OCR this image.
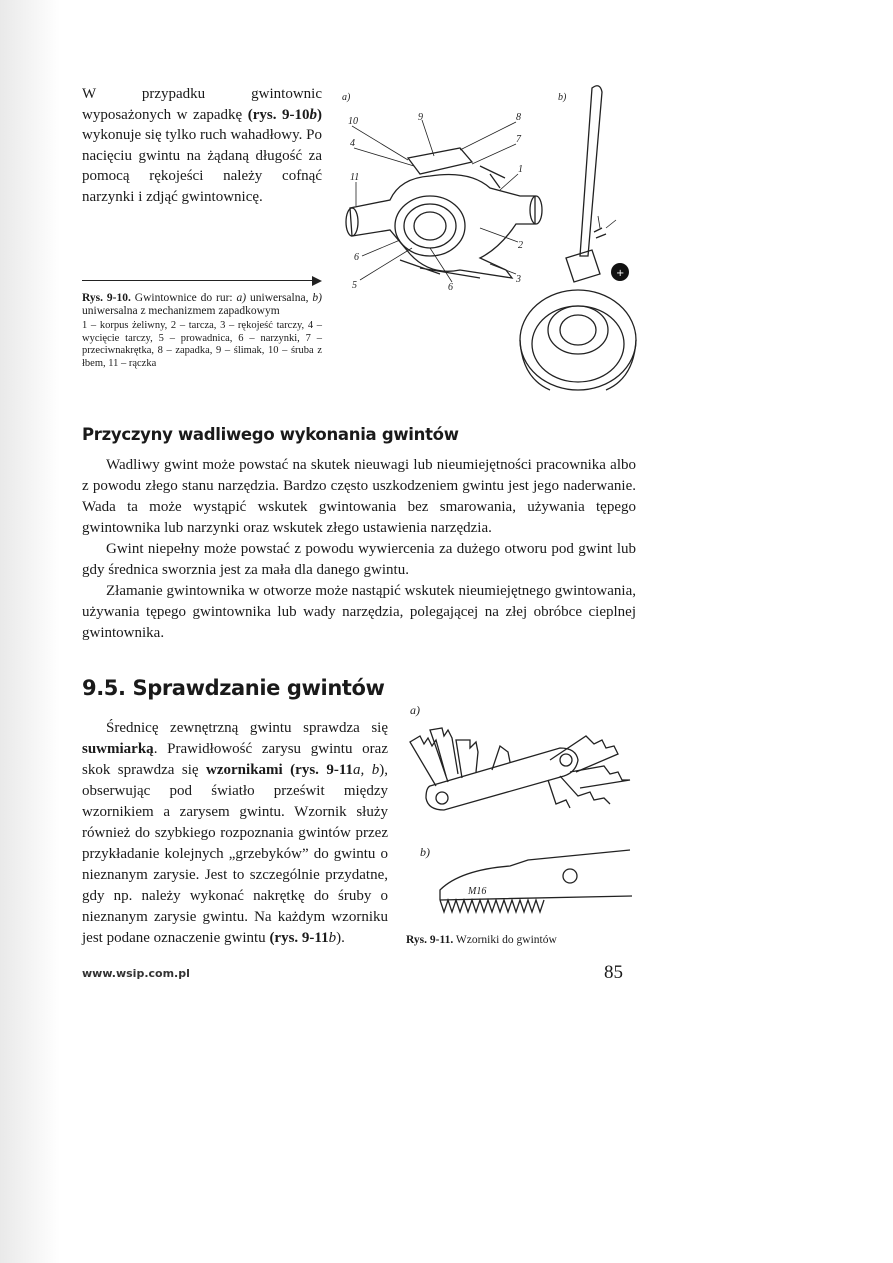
W przypadku gwintownic wyposażonych w zapadkę (rys. 9-10b) wykonuje się tylko ruch wahadłowy. Po nacięciu gwintu na żądaną długość za pomocą rękojeści należy cofnąć narzynki i zdjąć gwintownicę.
Rys. 9-10. Gwintownice do rur: a) uniwersalna, b) uniwersalna z mechanizmem zapadkowym
1 – korpus żeliwny, 2 – tarcza, 3 – rękojeść tarczy, 4 – wycięcie tarczy, 5 – prowadnica, 6 – narzynki, 7 – przeciwnakrętka, 8 – zapadka, 9 – ślimak, 10 – śruba z łbem, 11 – rączka
a)
10	9	8
4	7
1
11
2
6
5	6
3
b)
+
Przyczyny wadliwego wykonania gwintów

Wadliwy gwint może powstać na skutek nieuwagi lub nieumiejętności pracownika albo z powodu złego stanu narzędzia. Bardzo często uszkodzeniem gwintu jest jego naderwanie. Wada ta może wystąpić wskutek gwintowania bez smarowania, używania tępego gwintownika lub narzynki oraz wskutek złego ustawienia narzędzia.

Gwint niepełny może powstać z powodu wywiercenia za dużego otworu pod gwint lub gdy średnica sworznia jest za mała dla danego gwintu.

Złamanie gwintownika w otworze może nastąpić wskutek nieumiejętnego gwintowania, używania tępego gwintownika lub wady narzędzia, polegającej na złej obróbce cieplnej gwintownika.

9.5. Sprawdzanie gwintów

Średnicę zewnętrzną gwintu sprawdza się suwmiarką. Prawidłowość zarysu gwintu oraz skok sprawdza się wzornikami (rys. 9-11a, b), obserwując pod światło prześwit między wzornikiem a zarysem gwintu. Wzornik służy również do szybkiego rozpoznania gwintów przez przykładanie kolejnych „grzebyków” do gwintu o nieznanym zarysie. Jest to szczególnie przydatne, gdy np. należy wykonać nakrętkę do śruby o nieznanym zarysie gwintu. Na każdym wzorniku jest podane oznaczenie gwintu (rys. 9-11b).

a)
b)
M16
Rys. 9-11. Wzorniki do gwintów
www.wsip.com.pl	85
